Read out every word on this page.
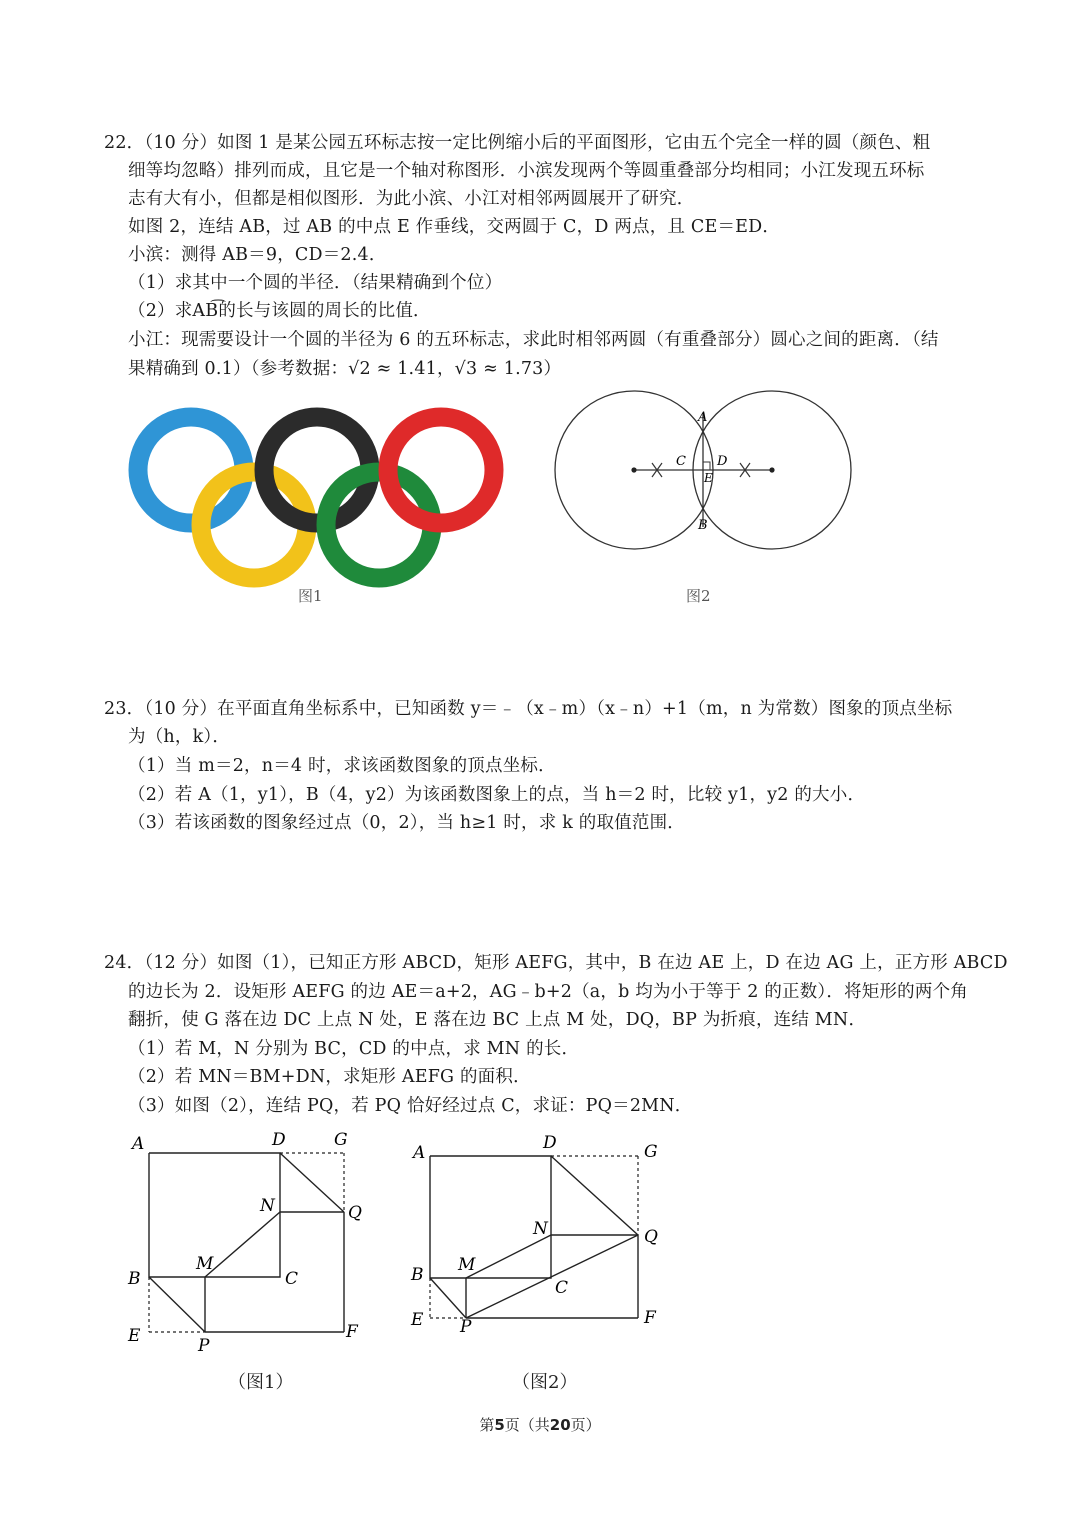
22．（10 分）如图 1 是某公园五环标志按一定比例缩小后的平面图形，它由五个完全一样的圆（颜色、粗
细等均忽略）排列而成，且它是一个轴对称图形．小滨发现两个等圆重叠部分均相同；小江发现五环标
志有大有小，但都是相似图形．为此小滨、小江对相邻两圆展开了研究．
如图 2，连结 AB，过 AB 的中点 E 作垂线，交两圆于 C，D 两点，且 CE＝ED．
小滨：测得 AB＝9，CD＝2.4．
（1）求其中一个圆的半径．（结果精确到个位）
（2）求AB͡的长与该圆的周长的比值．
小江：现需要设计一个圆的半径为 6 的五环标志，求此时相邻两圆（有重叠部分）圆心之间的距离．（结
果精确到 0.1）（参考数据：√2 ≈ 1.41，√3 ≈ 1.73）
图1
A
B
C D
E
图2
23．（10 分）在平面直角坐标系中，已知函数 y＝﹣（x﹣m）（x﹣n）+1（m，n 为常数）图象的顶点坐标
为（h，k）．
（1）当 m＝2，n＝4 时，求该函数图象的顶点坐标．
（2）若 A（1，y1），B（4，y2）为该函数图象上的点，当 h＝2 时，比较 y1，y2 的大小．
（3）若该函数的图象经过点（0，2），当 h≥1 时，求 k 的取值范围．
24．（12 分）如图（1），已知正方形 ABCD，矩形 AEFG，其中，B 在边 AE 上，D 在边 AG 上，正方形 ABCD
的边长为 2．设矩形 AEFG 的边 AE＝a+2，AG﹣b+2（a，b 均为小于等于 2 的正数）．将矩形的两个角
翻折，使 G 落在边 DC 上点 N 处，E 落在边 BC 上点 M 处，DQ，BP 为折痕，连结 MN．
（1）若 M，N 分别为 BC，CD 的中点，求 MN 的长．
（2）若 MN＝BM+DN，求矩形 AEFG 的面积．
（3）如图（2），连结 PQ，若 PQ 恰好经过点 C，求证：PQ＝2MN．
A	D	G
N	Q
M
B	C
E	P
F
（图1）
A	D	G
N	Q
M
B
C
E P	F
（图2）
第5页（共20页）
